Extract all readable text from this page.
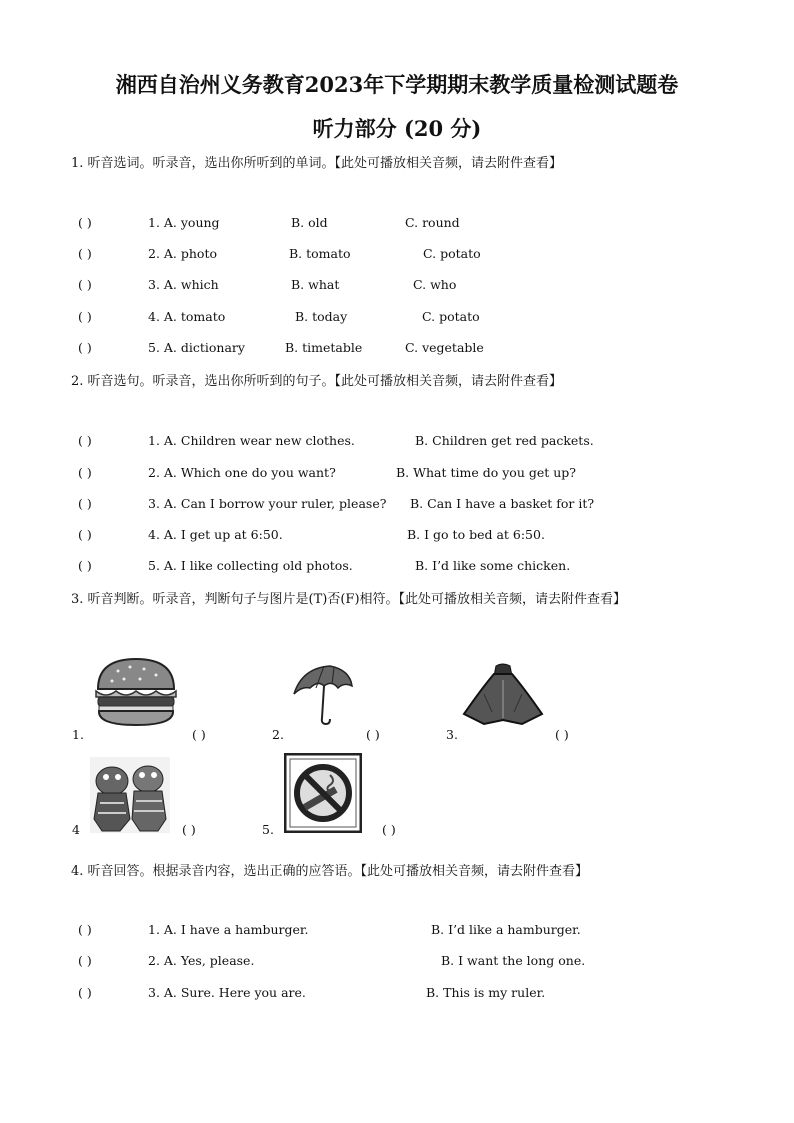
湘西自治州义务教育2023年下学期期末教学质量检测试题卷
听力部分 (20 分)
1. 听音选词。听录音，选出你所听到的单词。【此处可播放相关音频，请去附件查看】
( )	1. A. young	B. old	C. round
( )	2. A. photo	B. tomato	C. potato
( )	3. A. which	B. what	C. who
( )	4. A. tomato	B. today	C. potato
( )	5. A. dictionary	B. timetable	C. vegetable
2. 听音选句。听录音，选出你所听到的句子。【此处可播放相关音频，请去附件查看】
( )	1. A. Children wear new clothes.	B. Children get red packets.
( )	2. A. Which one do you want?	B. What time do you get up?
( )	3. A. Can I borrow your ruler, please? B. Can I have a basket for it?
( )	4. A. I get up at 6:50.	B. I go to bed at 6:50.
( )	5. A. I like collecting old photos.	B. I’d like some chicken.
3. 听音判断。听录音，判断句子与图片是(T)否(F)相符。【此处可播放相关音频，请去附件查看】
1.	( )	2.	( )	3.	( )
4	( )	5.	( )
4. 听音回答。根据录音内容，选出正确的应答语。【此处可播放相关音频，请去附件查看】
( )	1. A. I have a hamburger.	B. I’d like a hamburger.
( )	2. A. Yes, please.	B. I want the long one.
( )	3. A. Sure. Here you are.	B. This is my ruler.
